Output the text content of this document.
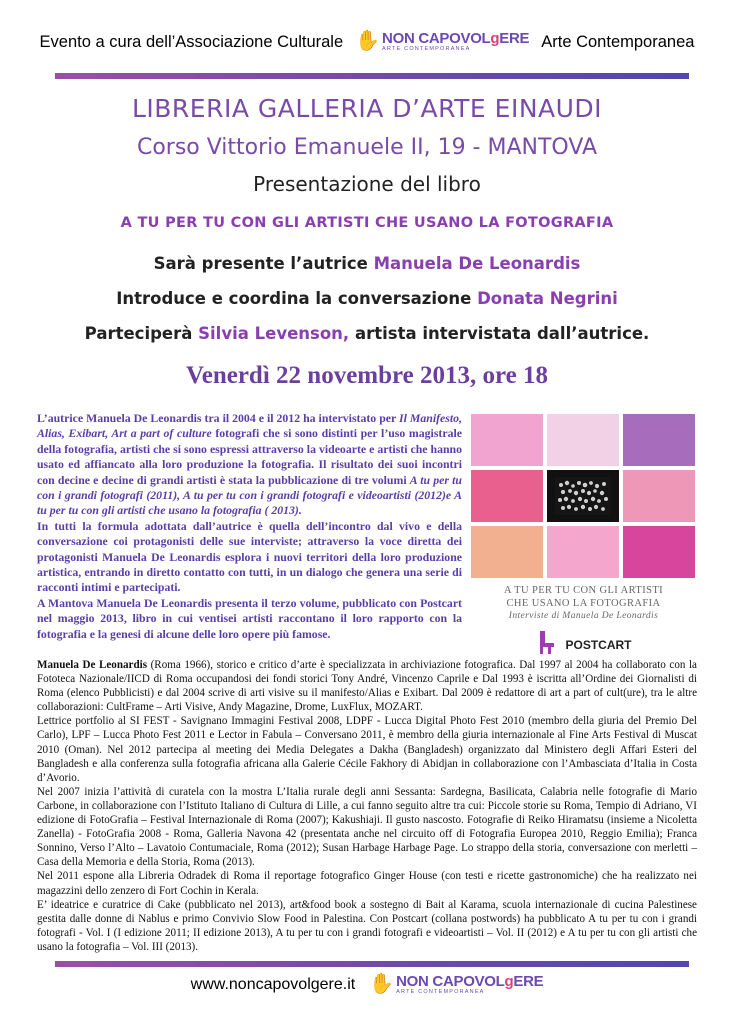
Evento a cura dell’Associazione Culturale ✋ NON CAPOVOLgERE
ARTE CONTEMPORANEA	Arte Contemporanea
LIBRERIA GALLERIA D’ARTE EINAUDI
Corso Vittorio Emanuele II, 19 - MANTOVA
Presentazione del libro
A TU PER TU CON GLI ARTISTI CHE USANO LA FOTOGRAFIA
Sarà presente l’autrice Manuela De Leonardis
Introduce e coordina la conversazione Donata Negrini
Parteciperà Silvia Levenson, artista intervistata dall’autrice.
Venerdì 22 novembre 2013, ore 18

L’autrice Manuela De Leonardis tra il 2004 e il 2012 ha intervistato per Il Manifesto, Alias, Exibart, Art a part of culture fotografi che si sono distinti per l’uso magistrale della fotografia, artisti che si sono espressi attraverso la videoarte e artisti che hanno usato ed affiancato alla loro produzione la fotografia. Il risultato dei suoi incontri con decine e decine di grandi artisti è stata la pubblicazione di tre volumi A tu per tu con i grandi fotografi (2011), A tu per tu con i grandi fotografi e videoartisti (2012)e A tu per tu con gli artisti che usano la fotografia ( 2013).

In tutti la formula adottata dall’autrice è quella dell’incontro dal vivo e della conversazione coi protagonisti delle sue interviste; attraverso la voce diretta dei protagonisti Manuela De Leonardis esplora i nuovi territori della loro produzione artistica, entrando in diretto contatto con tutti, in un dialogo che genera una serie di racconti intimi e partecipati.

A Mantova Manuela De Leonardis presenta il terzo volume, pubblicato con Postcart nel maggio 2013, libro in cui ventisei artisti raccontano il loro rapporto con la fotografia e la genesi di alcune delle loro opere più famose.

A TU PER TU CON GLI ARTISTI
CHE USANO LA FOTOGRAFIA
Interviste di Manuela De Leonardis
POSTCART

Manuela De Leonardis (Roma 1966), storico e critico d’arte è specializzata in archiviazione fotografica. Dal 1997 al 2004 ha collaborato con la Fototeca Nazionale/IICD di Roma occupandosi dei fondi storici Tony André, Vincenzo Caprile e Dal 1993 è iscritta all’Ordine dei Giornalisti di Roma (elenco Pubblicisti) e dal 2004 scrive di arti visive su il manifesto/Alias e Exibart. Dal 2009 è redattore di art a part of cult(ure), tra le altre collaborazioni: CultFrame – Arti Visive, Andy Magazine, Drome, LuxFlux, MOZART.

Lettrice portfolio al SI FEST - Savignano Immagini Festival 2008, LDPF - Lucca Digital Photo Fest 2010 (membro della giuria del Premio Del Carlo), LPF – Lucca Photo Fest 2011 e Lector in Fabula – Conversano 2011, è membro della giuria internazionale al Fine Arts Festival di Muscat 2010 (Oman). Nel 2012 partecipa al meeting dei Media Delegates a Dakha (Bangladesh) organizzato dal Ministero degli Affari Esteri del Bangladesh e alla conferenza sulla fotografia africana alla Galerie Cécile Fakhory di Abidjan in collaborazione con l’Ambasciata d’Italia in Costa d’Avorio.

Nel 2007 inizia l’attività di curatela con la mostra L’Italia rurale degli anni Sessanta: Sardegna, Basilicata, Calabria nelle fotografie di Mario Carbone, in collaborazione con l’Istituto Italiano di Cultura di Lille, a cui fanno seguito altre tra cui: Piccole storie su Roma, Tempio di Adriano, VI edizione di FotoGrafia – Festival Internazionale di Roma (2007); Kakushiaji. Il gusto nascosto. Fotografie di Reiko Hiramatsu (insieme a Nicoletta Zanella) - FotoGrafia 2008 - Roma, Galleria Navona 42 (presentata anche nel circuito off di Fotografia Europea 2010, Reggio Emilia); Franca Sonnino, Verso l’Alto – Lavatoio Contumaciale, Roma (2012); Susan Harbage Harbage Page. Lo strappo della storia, conversazione con merletti – Casa della Memoria e della Storia, Roma (2013).

Nel 2011 espone alla Libreria Odradek di Roma il reportage fotografico Ginger House (con testi e ricette gastronomiche) che ha realizzato nei magazzini dello zenzero di Fort Cochin in Kerala.

E’ ideatrice e curatrice di Cake (pubblicato nel 2013), art&food book a sostegno di Bait al Karama, scuola internazionale di cucina Palestinese gestita dalle donne di Nablus e primo Convivio Slow Food in Palestina. Con Postcart (collana postwords) ha pubblicato A tu per tu con i grandi fotografi - Vol. I (I edizione 2011; II edizione 2013), A tu per tu con i grandi fotografi e videoartisti – Vol. II (2012) e A tu per tu con gli artisti che usano la fotografia – Vol. III (2013).

www.noncapovolgere.it ✋ NON CAPOVOLgERE
ARTE CONTEMPORANEA
